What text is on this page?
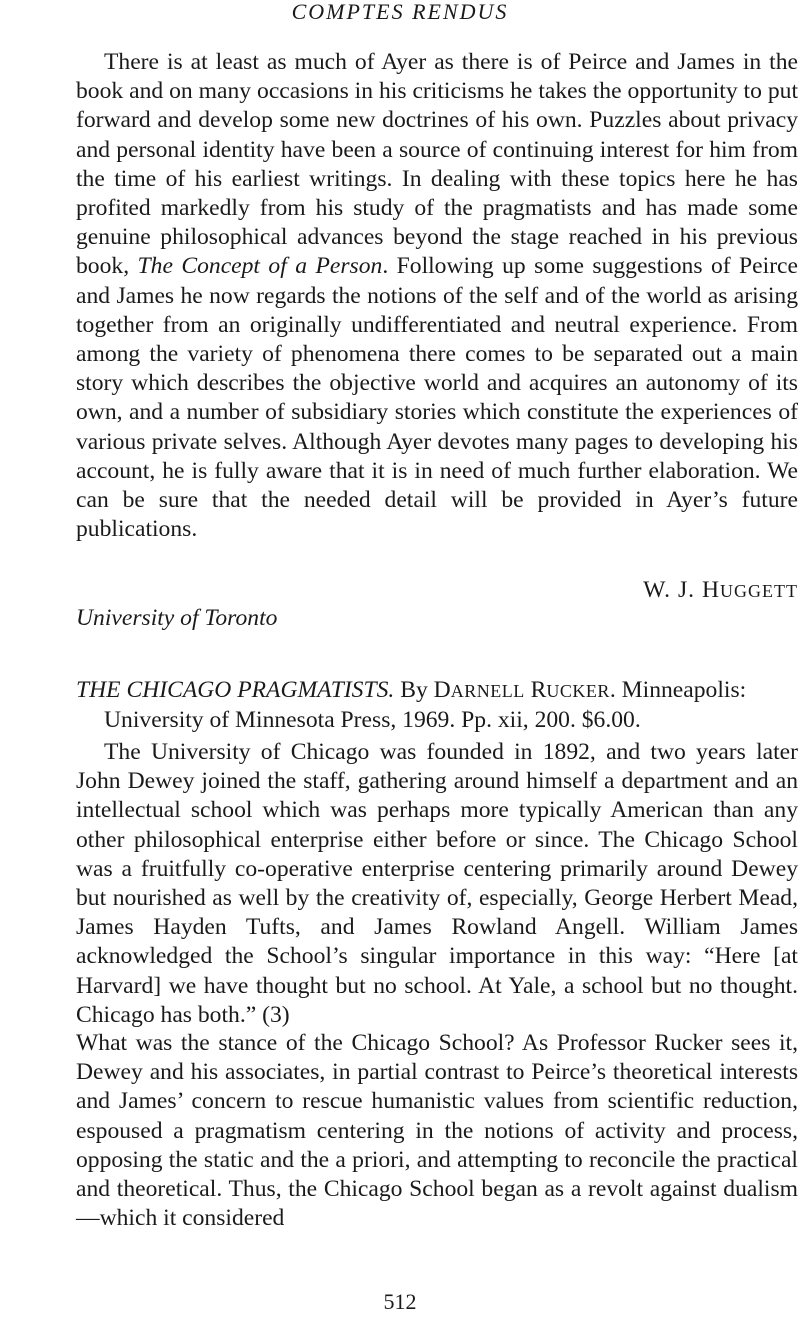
COMPTES RENDUS
There is at least as much of Ayer as there is of Peirce and James in the book and on many occasions in his criticisms he takes the opportunity to put forward and develop some new doctrines of his own. Puzzles about privacy and personal identity have been a source of continuing interest for him from the time of his earliest writings. In dealing with these topics here he has profited markedly from his study of the pragmatists and has made some genuine philosophical advances beyond the stage reached in his previous book, The Concept of a Person. Following up some suggestions of Peirce and James he now regards the notions of the self and of the world as arising together from an originally undifferentiated and neutral experience. From among the variety of phenomena there comes to be separated out a main story which describes the objective world and acquires an autonomy of its own, and a number of subsidiary stories which constitute the experiences of various private selves. Although Ayer devotes many pages to developing his account, he is fully aware that it is in need of much further elaboration. We can be sure that the needed detail will be provided in Ayer’s future publications.
W. J. HUGGETT
University of Toronto
THE CHICAGO PRAGMATISTS. By DARNELL RUCKER. Minneapolis:
University of Minnesota Press, 1969. Pp. xii, 200. $6.00.
The University of Chicago was founded in 1892, and two years later John Dewey joined the staff, gathering around himself a department and an intellectual school which was perhaps more typically American than any other philosophical enterprise either before or since. The Chicago School was a fruitfully co-operative enterprise centering primarily around Dewey but nourished as well by the creativity of, especially, George Herbert Mead, James Hayden Tufts, and James Rowland Angell. William James acknowledged the School’s singular importance in this way: “Here [at Harvard] we have thought but no school. At Yale, a school but no thought. Chicago has both.” (3)
What was the stance of the Chicago School? As Professor Rucker sees it, Dewey and his associates, in partial contrast to Peirce’s theoretical interests and James’ concern to rescue humanistic values from scientific reduction, espoused a pragmatism centering in the notions of activity and process, opposing the static and the a priori, and attempting to reconcile the practical and theoretical. Thus, the Chicago School began as a revolt against dualism—which it considered
512
